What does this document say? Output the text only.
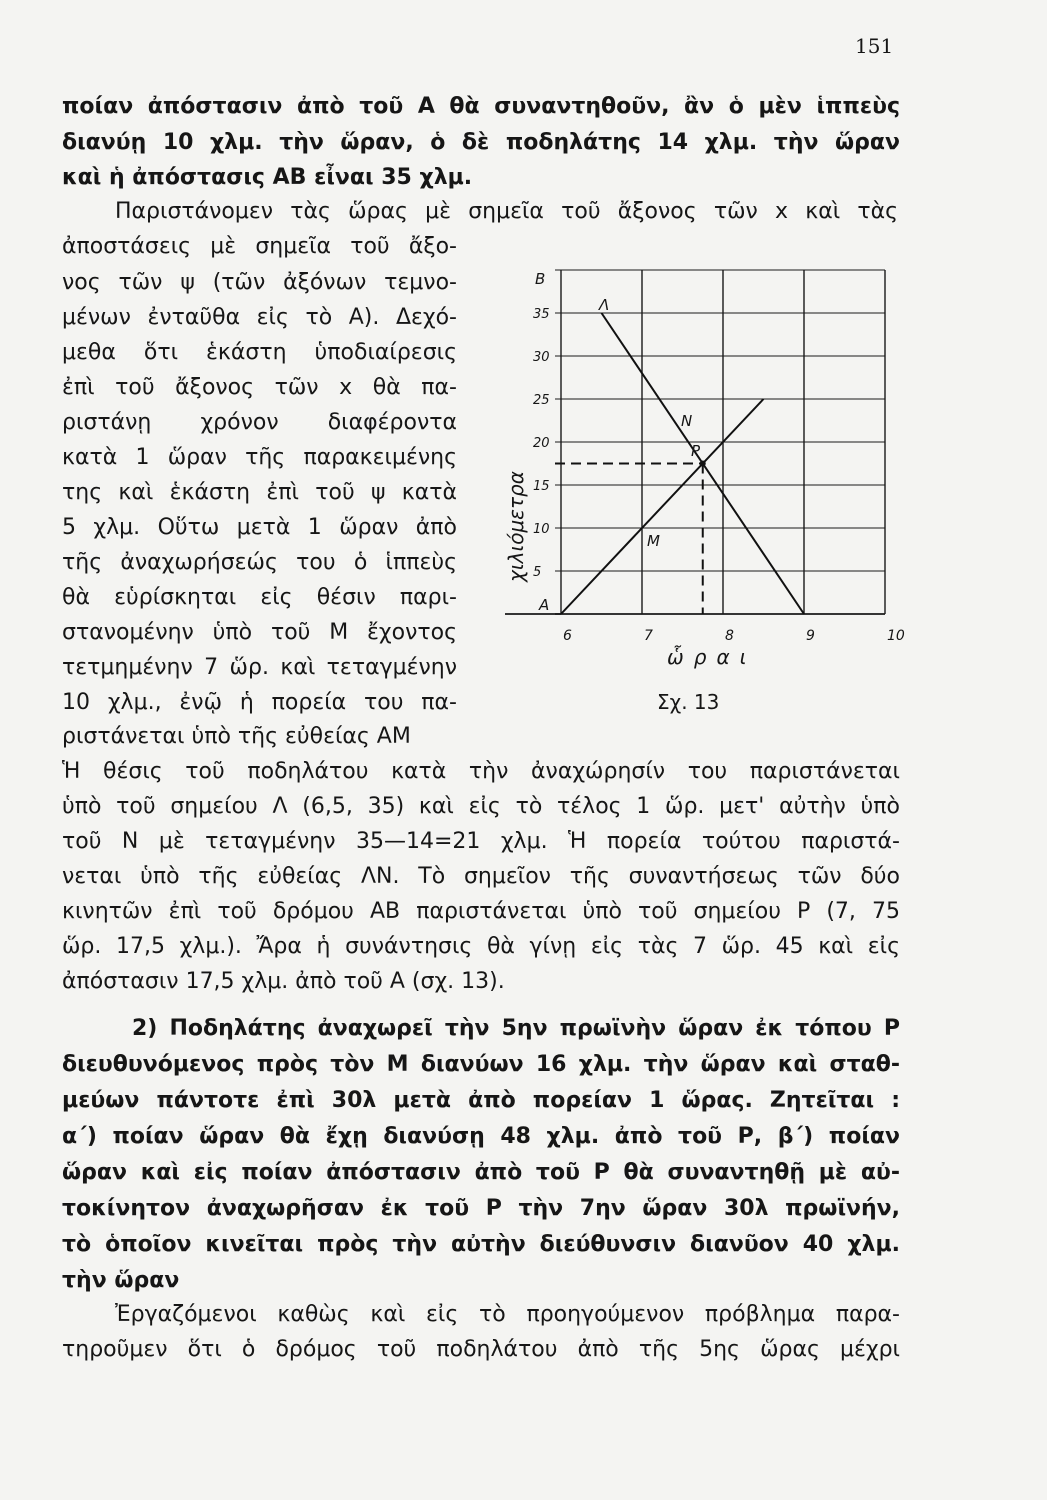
151
ποίαν ἀπόστασιν ἀπὸ τοῦ Α θὰ συναντηθοῦν, ἂν ὁ μὲν ἱππεὺς
διανύῃ 10 χλμ. τὴν ὥραν, ὁ δὲ ποδηλάτης 14 χλμ. τὴν ὥραν
καὶ ἡ ἀπόστασις ΑΒ εἶναι 35 χλμ.
Παριστάνομεν τὰς ὥρας μὲ σημεῖα τοῦ ἄξονος τῶν x καὶ τὰς
ἀποστάσεις μὲ σημεῖα τοῦ ἄξο-
νος τῶν ψ (τῶν ἀξόνων τεμνο-
μένων ἐνταῦθα εἰς τὸ Α). Δεχό-
μεθα ὅτι ἑκάστη ὑποδιαίρεσις
ἐπὶ τοῦ ἄξονος τῶν x θὰ πα-
ριστάνῃ χρόνον διαφέροντα
κατὰ 1 ὥραν τῆς παρακειμένης
της καὶ ἑκάστη ἐπὶ τοῦ ψ κατὰ
5 χλμ. Οὕτω μετὰ 1 ὥραν ἀπὸ
τῆς ἀναχωρήσεώς του ὁ ἱππεὺς
θὰ εὑρίσκηται εἰς θέσιν παρι-
στανομένην ὑπὸ τοῦ Μ ἔχοντος
τετμημένην 7 ὥρ. καὶ τεταγμένην
10 χλμ., ἐνῷ ἡ πορεία του πα-
ριστάνεται ὑπὸ τῆς εὐθείας ΑΜ
Ἡ θέσις τοῦ ποδηλάτου κατὰ τὴν ἀναχώρησίν του παριστάνεται
ὑπὸ τοῦ σημείου Λ (6,5, 35) καὶ εἰς τὸ τέλος 1 ὥρ. μετ' αὐτὴν ὑπὸ
τοῦ Ν μὲ τεταγμένην 35—14=21 χλμ. Ἡ πορεία τούτου παριστά-
νεται ὑπὸ τῆς εὐθείας ΛΝ. Τὸ σημεῖον τῆς συναντήσεως τῶν δύο
κινητῶν ἐπὶ τοῦ δρόμου ΑΒ παριστάνεται ὑπὸ τοῦ σημείου Ρ (7, 75
ὥρ. 17,5 χλμ.). Ἄρα ἡ συνάντησις θὰ γίνῃ εἰς τὰς 7 ὥρ. 45 καὶ εἰς
ἀπόστασιν 17,5 χλμ. ἀπὸ τοῦ Α (σχ. 13).
2) Ποδηλάτης ἀναχωρεῖ τὴν 5ην πρωϊνὴν ὥραν ἐκ τόπου Ρ
διευθυνόμενος πρὸς τὸν Μ διανύων 16 χλμ. τὴν ὥραν καὶ σταθ-
μεύων πάντοτε ἐπὶ 30λ μετὰ ἀπὸ πορείαν 1 ὥρας. Ζητεῖται :
α΄) ποίαν ὥραν θὰ ἔχῃ διανύσῃ 48 χλμ. ἀπὸ τοῦ Ρ, β΄) ποίαν
ὥραν καὶ εἰς ποίαν ἀπόστασιν ἀπὸ τοῦ Ρ θὰ συναντηθῇ μὲ αὐ-
τοκίνητον ἀναχωρῆσαν ἐκ τοῦ Ρ τὴν 7ην ὥραν 30λ πρωϊνήν,
τὸ ὁποῖον κινεῖται πρὸς τὴν αὐτὴν διεύθυνσιν διανῦον 40 χλμ.
τὴν ὥραν
Ἐργαζόμενοι καθὼς καὶ εἰς τὸ προηγούμενον πρόβλημα παρα-
τηροῦμεν ὅτι ὁ δρόμος τοῦ ποδηλάτου ἀπὸ τῆς 5ης ὥρας μέχρι
6	7	8	9	10
5
10
15
20
25
30
35
B
Λ
N
P
M
A
χιλιόμετρα
ὧραι
Σχ. 13
